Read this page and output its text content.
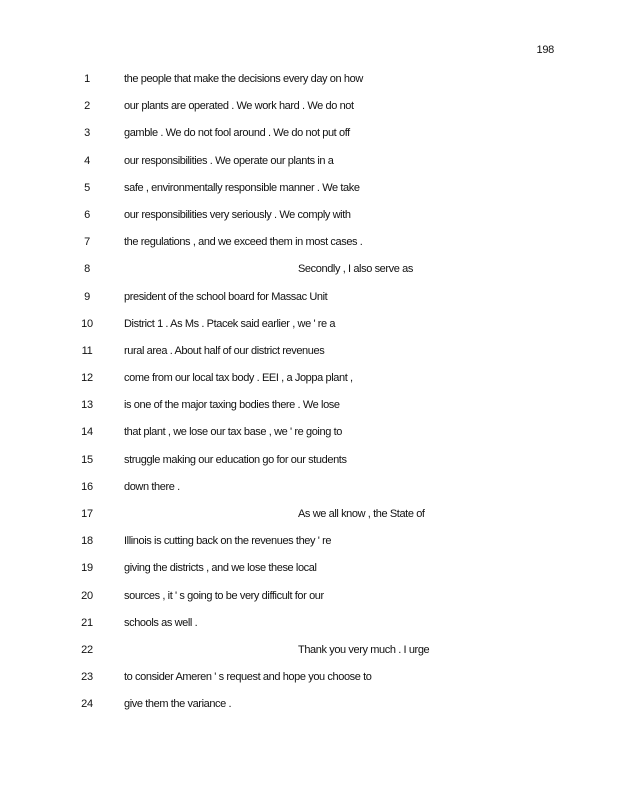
198
1	the people that make the decisions every day on how
2	our plants are operated . We work hard . We do not
3	gamble . We do not fool around . We do not put off
4	our responsibilities . We operate our plants in a
5	safe , environmentally responsible manner . We take
6	our responsibilities very seriously . We comply with
7	the regulations , and we exceed them in most cases .
8	Secondly , I also serve as
9	president of the school board for Massac Unit
10	District 1 . As Ms . Ptacek said earlier , we ' re a
11	rural area . About half of our district revenues
12	come from our local tax body . EEI , a Joppa plant ,
13	is one of the major taxing bodies there . We lose
14	that plant , we lose our tax base , we ' re going to
15	struggle making our education go for our students
16	down there .
17	As we all know , the State of
18	Illinois is cutting back on the revenues they ' re
19	giving the districts , and we lose these local
20	sources , it ' s going to be very difficult for our
21	schools as well .
22	Thank you very much . I urge
23	to consider Ameren ' s request and hope you choose to
24	give them the variance .
